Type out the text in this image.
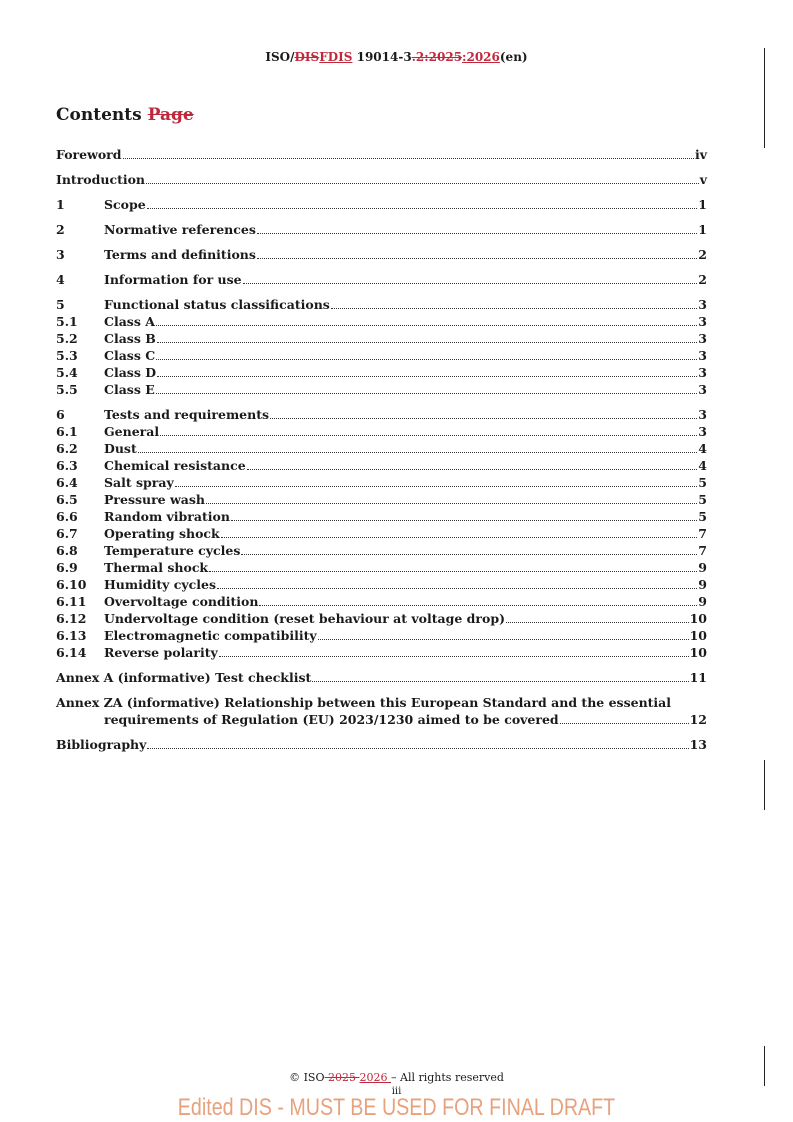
ISO/DISFDIS 19014-3.2:2025:2026(en)
Contents Page
Foreword	iv
Introduction	v
1	Scope	1
2	Normative references	1
3	Terms and definitions	2
4	Information for use	2
5	Functional status classifications	3
5.1	Class A	3
5.2	Class B	3
5.3	Class C	3
5.4	Class D	3
5.5	Class E	3
6	Tests and requirements	3
6.1	General	3
6.2	Dust	4
6.3	Chemical resistance	4
6.4	Salt spray	5
6.5	Pressure wash	5
6.6	Random vibration	5
6.7	Operating shock	7
6.8	Temperature cycles	7
6.9	Thermal shock	9
6.10	Humidity cycles	9
6.11	Overvoltage condition	9
6.12	Undervoltage condition (reset behaviour at voltage drop)	10
6.13	Electromagnetic compatibility	10
6.14	Reverse polarity	10
Annex A (informative) Test checklist	11
Annex ZA (informative) Relationship between this European Standard and the essential
requirements of Regulation (EU) 2023/1230 aimed to be covered	12
Bibliography	13
© ISO 2025 2026 – All rights reserved
iii
Edited DIS - MUST BE USED FOR FINAL DRAFT
